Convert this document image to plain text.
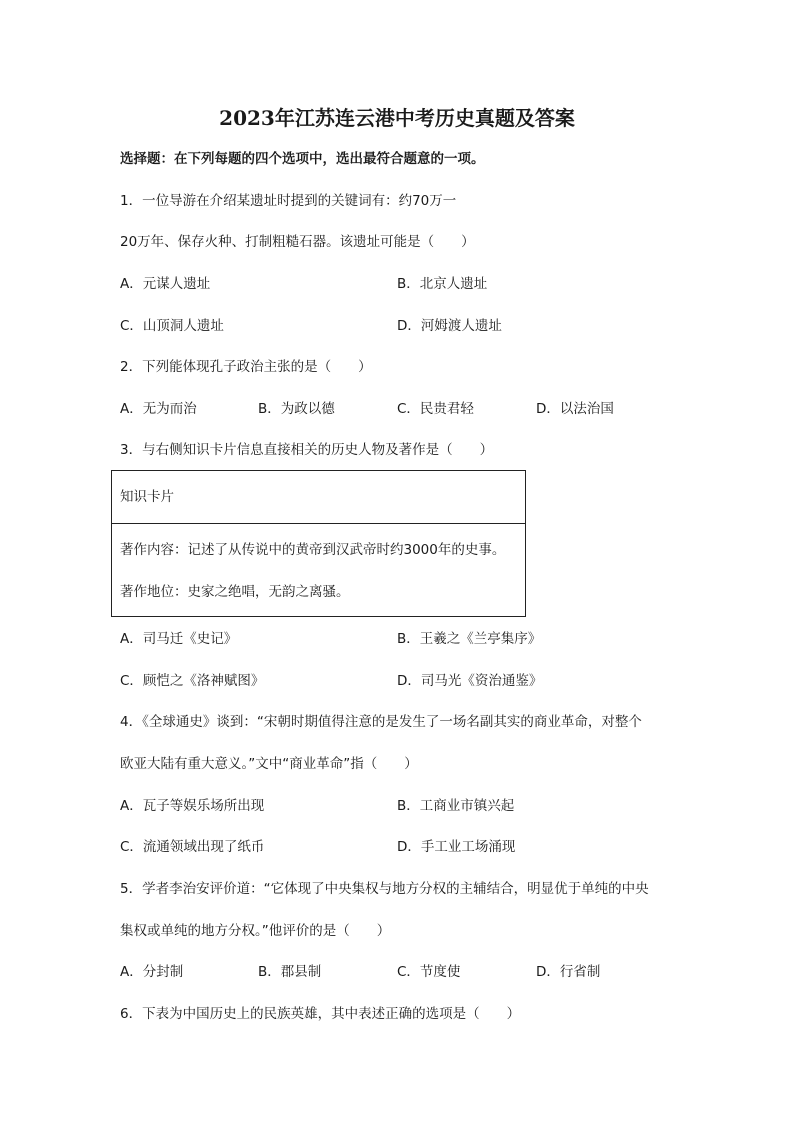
2023年江苏连云港中考历史真题及答案
选择题：在下列每题的四个选项中，选出最符合题意的一项。
1．一位导游在介绍某遗址时提到的关键词有：约70万一
20万年、保存火种、打制粗糙石器。该遗址可能是（　　）
A．元谋人遗址	B．北京人遗址
C．山顶洞人遗址	D．河姆渡人遗址
2．下列能体现孔子政治主张的是（　　）
A．无为而治	B．为政以德	C．民贵君轻	D．以法治国
3．与右侧知识卡片信息直接相关的历史人物及著作是（　　）
知识卡片
著作内容：记述了从传说中的黄帝到汉武帝时约3000年的史事。
著作地位：史家之绝唱，无韵之离骚。
A．司马迁《史记》	B．王羲之《兰亭集序》
C．顾恺之《洛神赋图》	D．司马光《资治通鉴》
4．《全球通史》谈到：“宋朝时期值得注意的是发生了一场名副其实的商业革命，对整个
欧亚大陆有重大意义。”文中“商业革命”指（　　）
A．瓦子等娱乐场所出现	B．工商业市镇兴起
C．流通领域出现了纸币	D．手工业工场涌现
5．学者李治安评价道：“它体现了中央集权与地方分权的主辅结合，明显优于单纯的中央
集权或单纯的地方分权。”他评价的是（　　）
A．分封制	B．郡县制	C．节度使	D．行省制
6．下表为中国历史上的民族英雄，其中表述正确的选项是（　　）
